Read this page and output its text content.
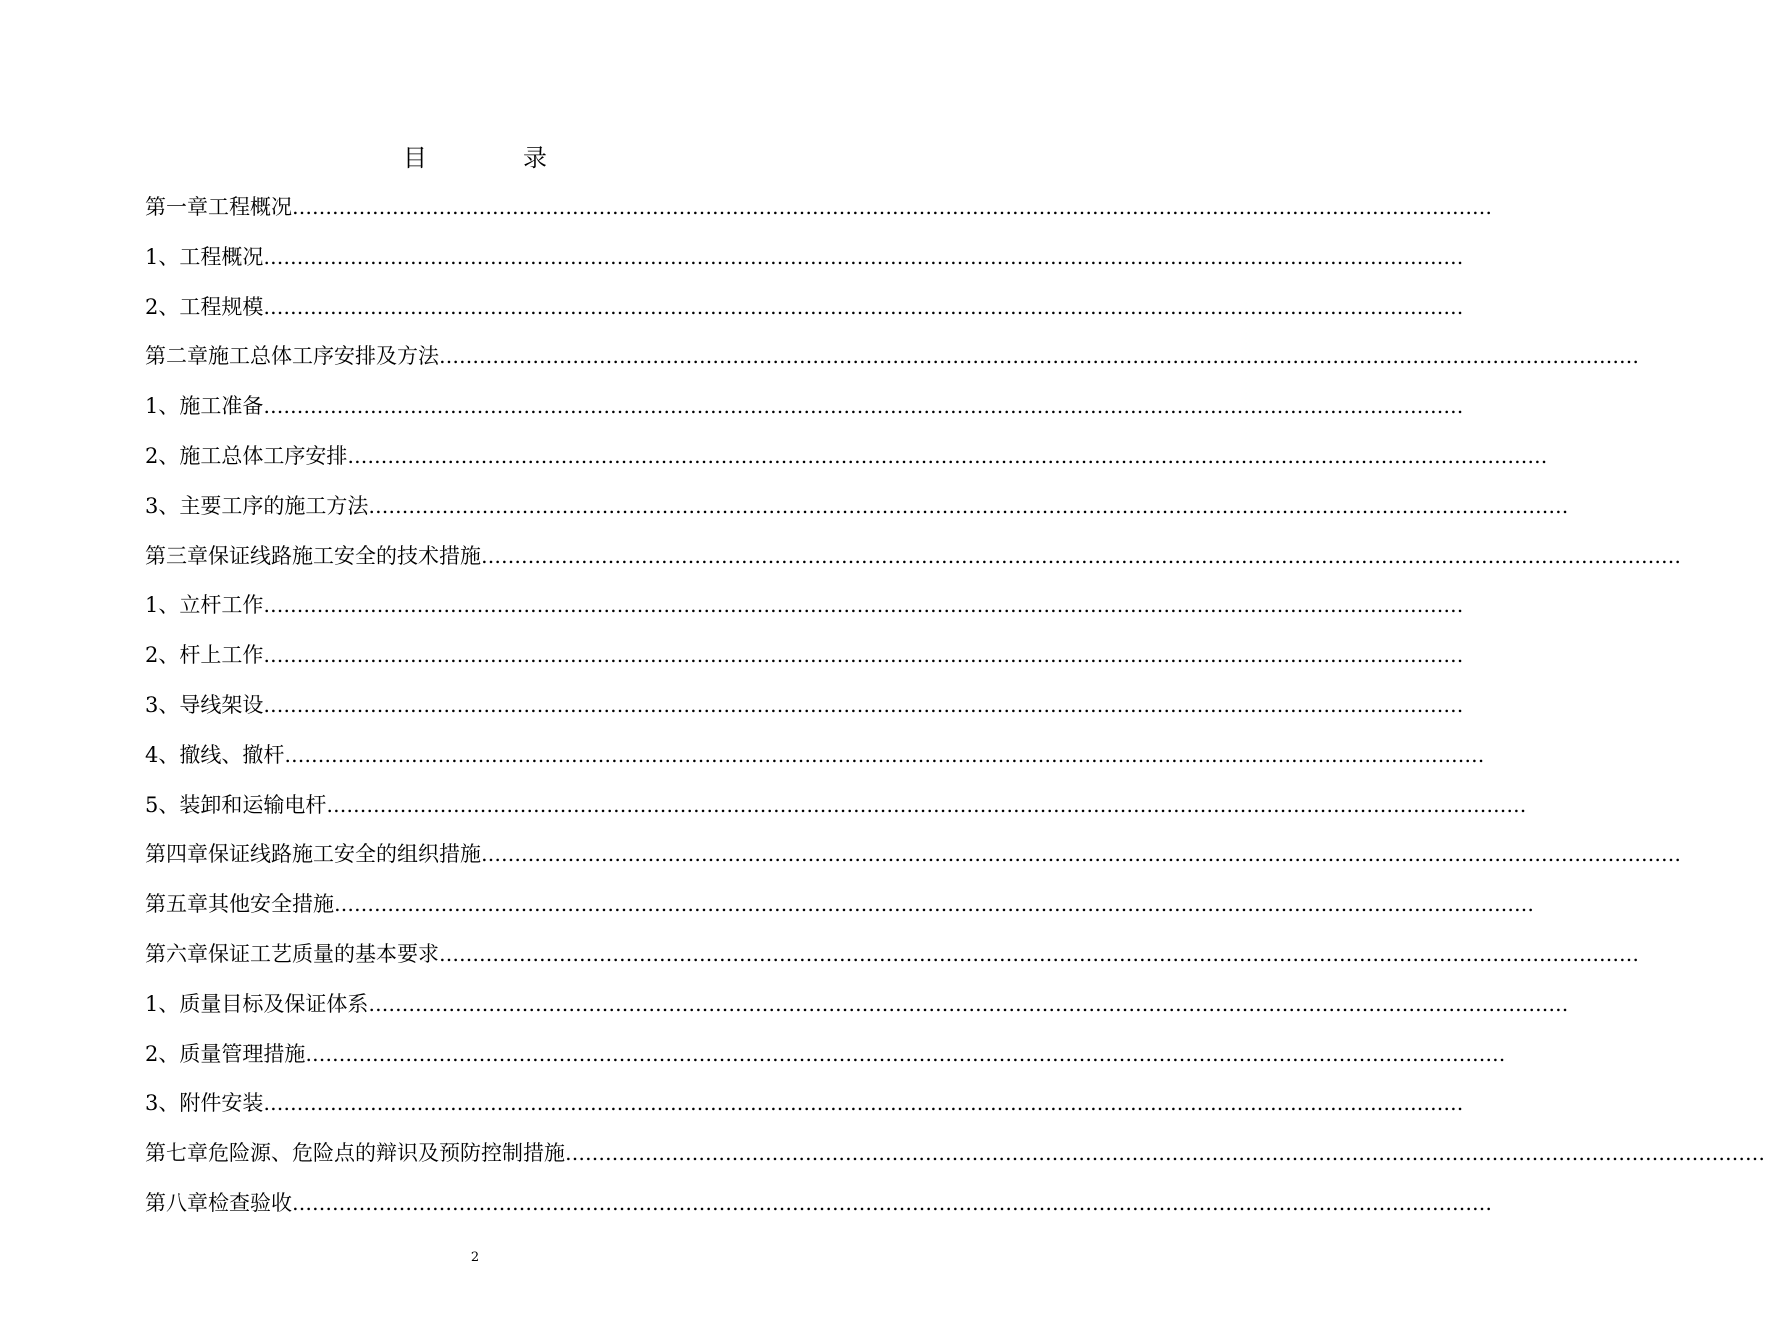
目　　　　录
第一章工程概况………………………………………………………………………………………………………………………………………………………………
1、工程概况………………………………………………………………………………………………………………………………………………………………
2、工程规模………………………………………………………………………………………………………………………………………………………………
第二章施工总体工序安排及方法………………………………………………………………………………………………………………………………………………………………
1、施工准备………………………………………………………………………………………………………………………………………………………………
2、施工总体工序安排………………………………………………………………………………………………………………………………………………………………
3、主要工序的施工方法………………………………………………………………………………………………………………………………………………………………
第三章保证线路施工安全的技术措施………………………………………………………………………………………………………………………………………………………………
1、立杆工作………………………………………………………………………………………………………………………………………………………………
2、杆上工作………………………………………………………………………………………………………………………………………………………………
3、导线架设………………………………………………………………………………………………………………………………………………………………
4、撤线、撤杆………………………………………………………………………………………………………………………………………………………………
5、装卸和运输电杆………………………………………………………………………………………………………………………………………………………………
第四章保证线路施工安全的组织措施………………………………………………………………………………………………………………………………………………………………
第五章其他安全措施………………………………………………………………………………………………………………………………………………………………
第六章保证工艺质量的基本要求………………………………………………………………………………………………………………………………………………………………
1、质量目标及保证体系………………………………………………………………………………………………………………………………………………………………
2、质量管理措施………………………………………………………………………………………………………………………………………………………………
3、附件安装………………………………………………………………………………………………………………………………………………………………
第七章危险源、危险点的辩识及预防控制措施………………………………………………………………………………………………………………………………………………………………
第八章检查验收………………………………………………………………………………………………………………………………………………………………
2
